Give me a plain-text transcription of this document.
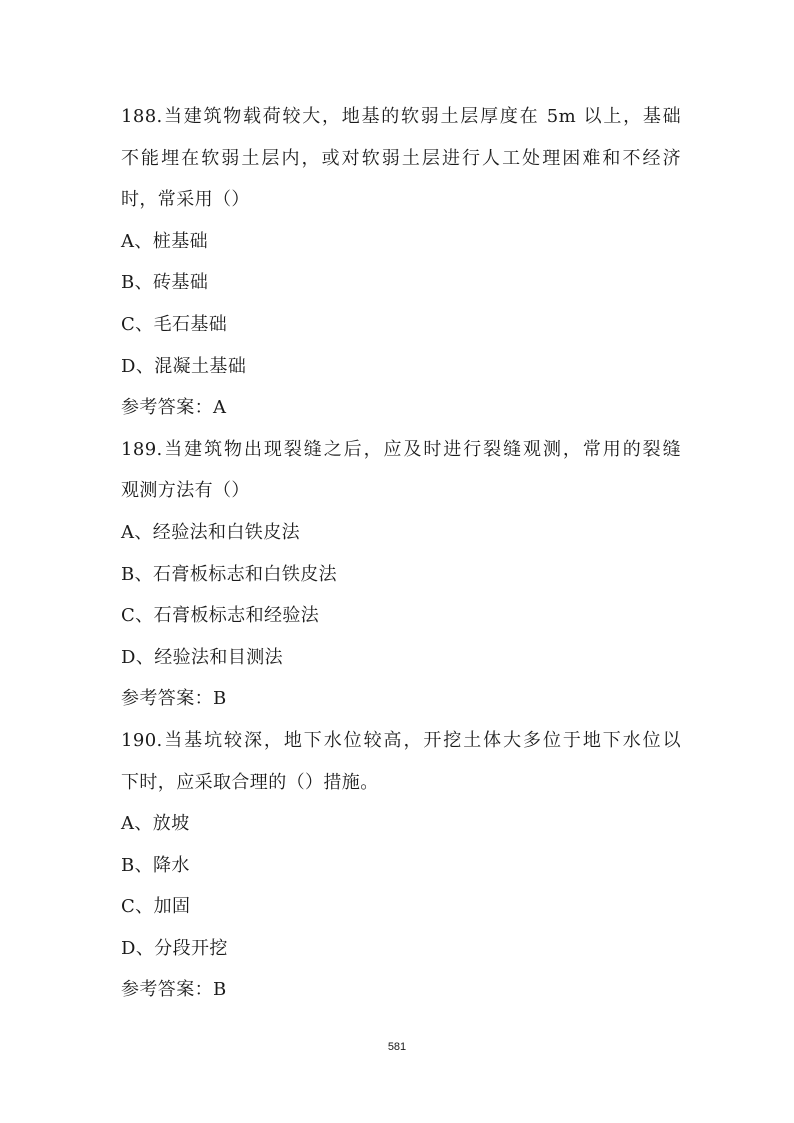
188.当建筑物载荷较大，地基的软弱土层厚度在 5m 以上，基础
不能埋在软弱土层内，或对软弱土层进行人工处理困难和不经济
时，常采用（）
A、桩基础
B、砖基础
C、毛石基础
D、混凝土基础
参考答案：A
189.当建筑物出现裂缝之后，应及时进行裂缝观测，常用的裂缝
观测方法有（）
A、经验法和白铁皮法
B、石膏板标志和白铁皮法
C、石膏板标志和经验法
D、经验法和目测法
参考答案：B
190.当基坑较深，地下水位较高，开挖土体大多位于地下水位以
下时，应采取合理的（）措施。
A、放坡
B、降水
C、加固
D、分段开挖
参考答案：B
581
